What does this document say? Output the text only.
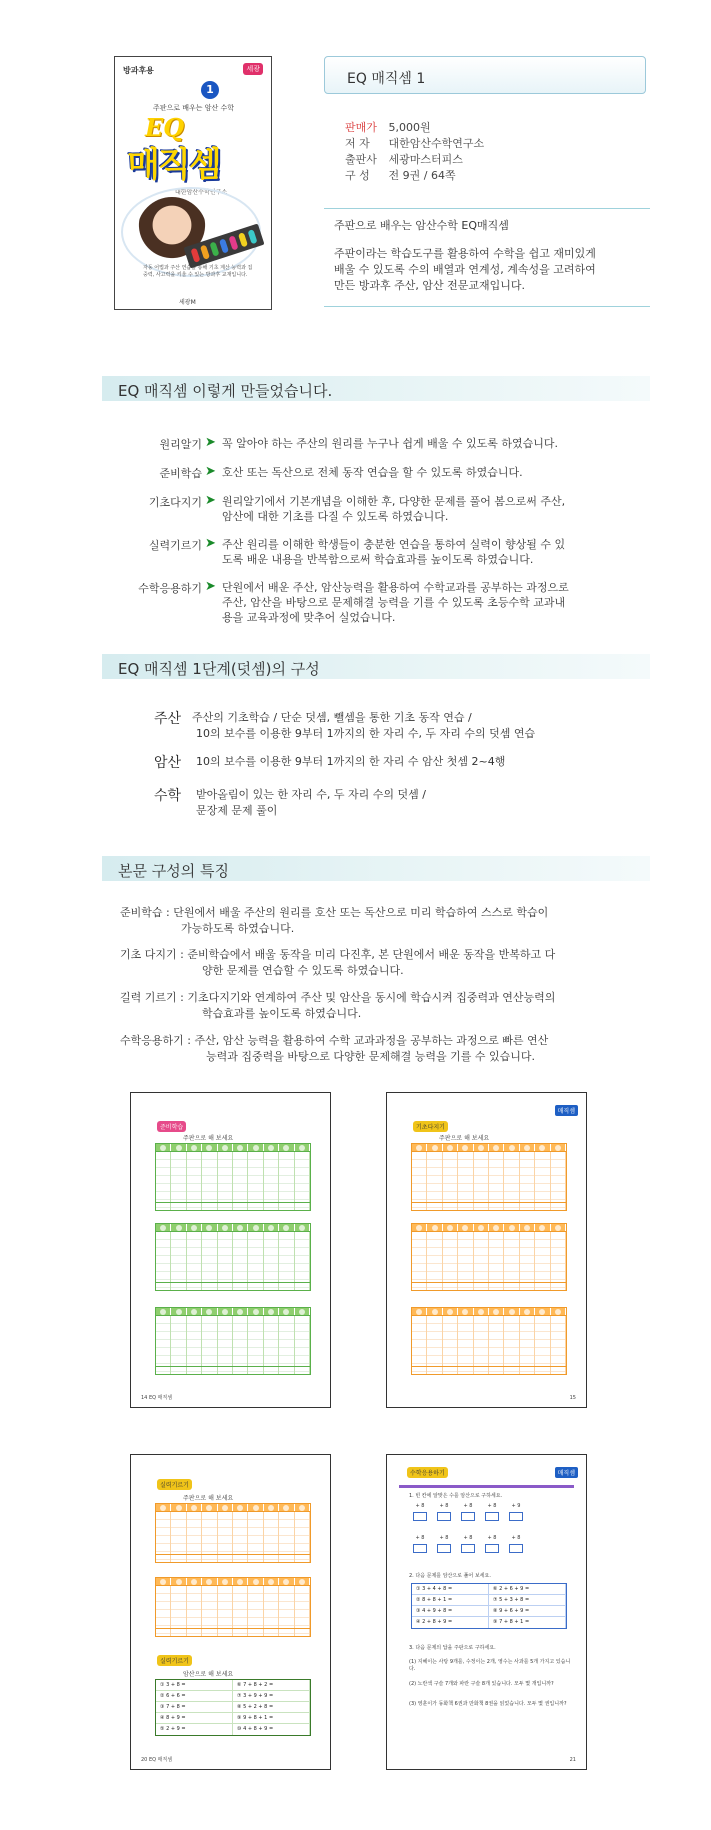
방과후용	세광
1
주판으로 배우는 암산 수학
EQ
매직셈
대한암산수학연구소
자동 어법과 주산 연습을 통해 기초 계산 능력과 집중력, 사고력을 키울 수 있는 방과후 교재입니다.
세광M
EQ 매직셈 1
판매가 5,000원
저 자 대한암산수학연구소
출판사 세광마스터피스
구 성 전 9권 / 64쪽
주판으로 배우는 암산수학 EQ매직셈
주판이라는 학습도구를 활용하여 수학을 쉽고 재미있게
배울 수 있도록 수의 배열과 연계성, 계속성을 고려하여
만든 방과후 주산, 암산 전문교재입니다.
EQ 매직셈 이렇게 만들었습니다.
원리알기 ➤ 꼭 알아야 하는 주산의 원리를 누구나 쉽게 배울 수 있도록 하였습니다.
준비학습 ➤ 호산 또는 독산으로 전체 동작 연습을 할 수 있도록 하였습니다.
기초다지기 ➤ 원리알기에서 기본개념을 이해한 후, 다양한 문제를 풀어 봄으로써 주산,
암산에 대한 기초를 다질 수 있도록 하였습니다.
실력기르기 ➤ 주산 원리를 이해한 학생들이 충분한 연습을 통하여 실력이 향상될 수 있
도록 배운 내용을 반복함으로써 학습효과를 높이도록 하였습니다.
수학응용하기 ➤ 단원에서 배운 주산, 암산능력을 활용하여 수학교과를 공부하는 과정으로
주산, 암산을 바탕으로 문제해결 능력을 기를 수 있도록 초등수학 교과내
용을 교육과정에 맞추어 실었습니다.
EQ 매직셈 1단계(덧셈)의 구성
주산 주산의 기초학습 / 단순 덧셈, 뺄셈을 통한 기초 동작 연습 /
10의 보수를 이용한 9부터 1까지의 한 자리 수, 두 자리 수의 덧셈 연습
암산 10의 보수를 이용한 9부터 1까지의 한 자리 수 암산 첫셈 2~4행
수학 받아올림이 있는 한 자리 수, 두 자리 수의 덧셈 /
문장제 문제 풀이
본문 구성의 특징
준비학습 : 단원에서 배울 주산의 원리를 호산 또는 독산으로 미리 학습하여 스스로 학습이
가능하도록 하였습니다.
기초 다지기 : 준비학습에서 배울 동작을 미리 다진후, 본 단원에서 배운 동작을 반복하고 다
양한 문제를 연습할 수 있도록 하였습니다.
길력 기르기 : 기초다지기와 연계하여 주산 및 암산을 동시에 학습시켜 집중력과 연산능력의
학습효과를 높이도록 하였습니다.
수학응용하기 : 주산, 암산 능력을 활용하여 수학 교과과정을 공부하는 과정으로 빠른 연산
능력과 집중력을 바탕으로 다양한 문제해결 능력을 기를 수 있습니다.
준비학습
주판으로 해 보세요
14 EQ 매직셈
매직셈
기초다지기
주판으로 해 보세요
15
실력기르기
주판으로 해 보세요
실력기르기
암산으로 해 보세요
① 3 + 8 =	⑥ 7 + 8 + 2 =
② 6 + 6 =	⑦ 3 + 9 + 9 =
③ 7 + 8 =	⑧ 5 + 2 + 8 =
④ 8 + 9 =	⑨ 9 + 8 + 1 =
⑤ 2 + 9 =	⑩ 4 + 8 + 9 =
20 EQ 매직셈
수학응용하기	매직셈
1. 빈 칸에 알맞은 수를 암산으로 구하세요.
+ 8	+ 8	+ 8	+ 8	+ 9
+ 8	+ 8	+ 8	+ 8	+ 8
2. 다음 문제를 암산으로 풀어 보세요.
① 3 + 4 + 8 =	⑥ 2 + 6 + 9 =
② 8 + 8 + 1 =	⑦ 5 + 3 + 8 =
③ 4 + 9 + 8 =	⑧ 9 + 6 + 9 =
④ 2 + 8 + 9 =	⑨ 7 + 8 + 1 =
3. 다음 문제의 답을 주판으로 구하세요.
(1) 지혜이는 사탕 9개를, 수정이는 2개, 영수는 사과를 5개 가지고 있습니다.
(2) 노란색 구슬 7개와 파란 구슬 8개 있습니다. 모두 몇 개입니까?
(3) 영훈이가 동화책 6권과 만화책 8권을 읽었습니다. 모두 몇 권입니까?
21
